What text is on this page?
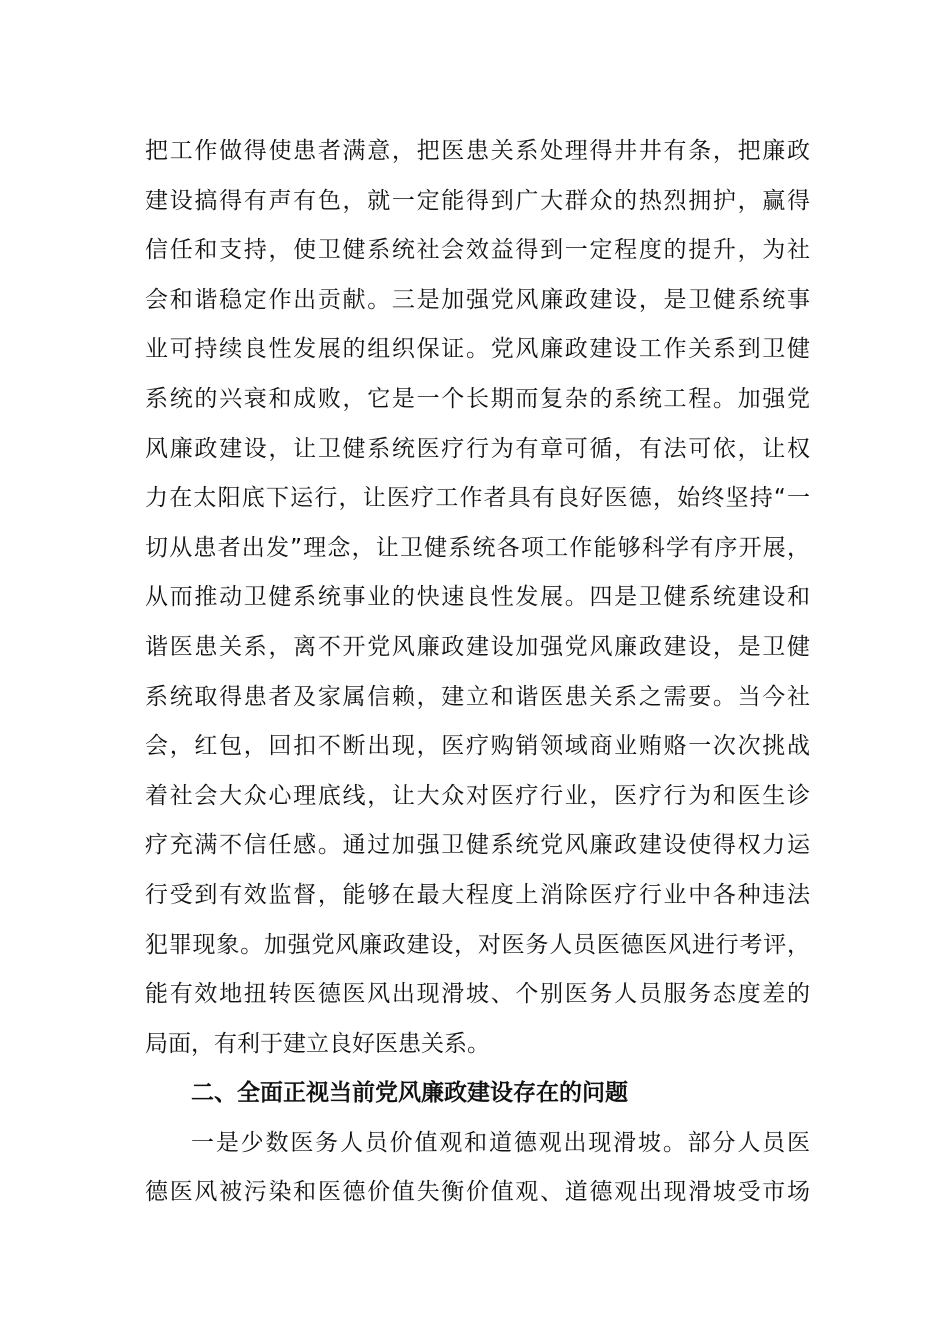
把工作做得使患者满意，把医患关系处理得井井有条，把廉政
建设搞得有声有色，就一定能得到广大群众的热烈拥护，赢得
信任和支持，使卫健系统社会效益得到一定程度的提升，为社
会和谐稳定作出贡献。三是加强党风廉政建设，是卫健系统事
业可持续良性发展的组织保证。党风廉政建设工作关系到卫健
系统的兴衰和成败，它是一个长期而复杂的系统工程。加强党
风廉政建设，让卫健系统医疗行为有章可循，有法可依，让权
力在太阳底下运行，让医疗工作者具有良好医德，始终坚持“一
切从患者出发”理念，让卫健系统各项工作能够科学有序开展，
从而推动卫健系统事业的快速良性发展。四是卫健系统建设和
谐医患关系，离不开党风廉政建设加强党风廉政建设，是卫健
系统取得患者及家属信赖，建立和谐医患关系之需要。当今社
会，红包，回扣不断出现，医疗购销领域商业贿赂一次次挑战
着社会大众心理底线，让大众对医疗行业，医疗行为和医生诊
疗充满不信任感。通过加强卫健系统党风廉政建设使得权力运
行受到有效监督，能够在最大程度上消除医疗行业中各种违法
犯罪现象。加强党风廉政建设，对医务人员医德医风进行考评，
能有效地扭转医德医风出现滑坡、个别医务人员服务态度差的
局面，有利于建立良好医患关系。
二、全面正视当前党风廉政建设存在的问题
一是少数医务人员价值观和道德观出现滑坡。部分人员医
德医风被污染和医德价值失衡价值观、道德观出现滑坡受市场
